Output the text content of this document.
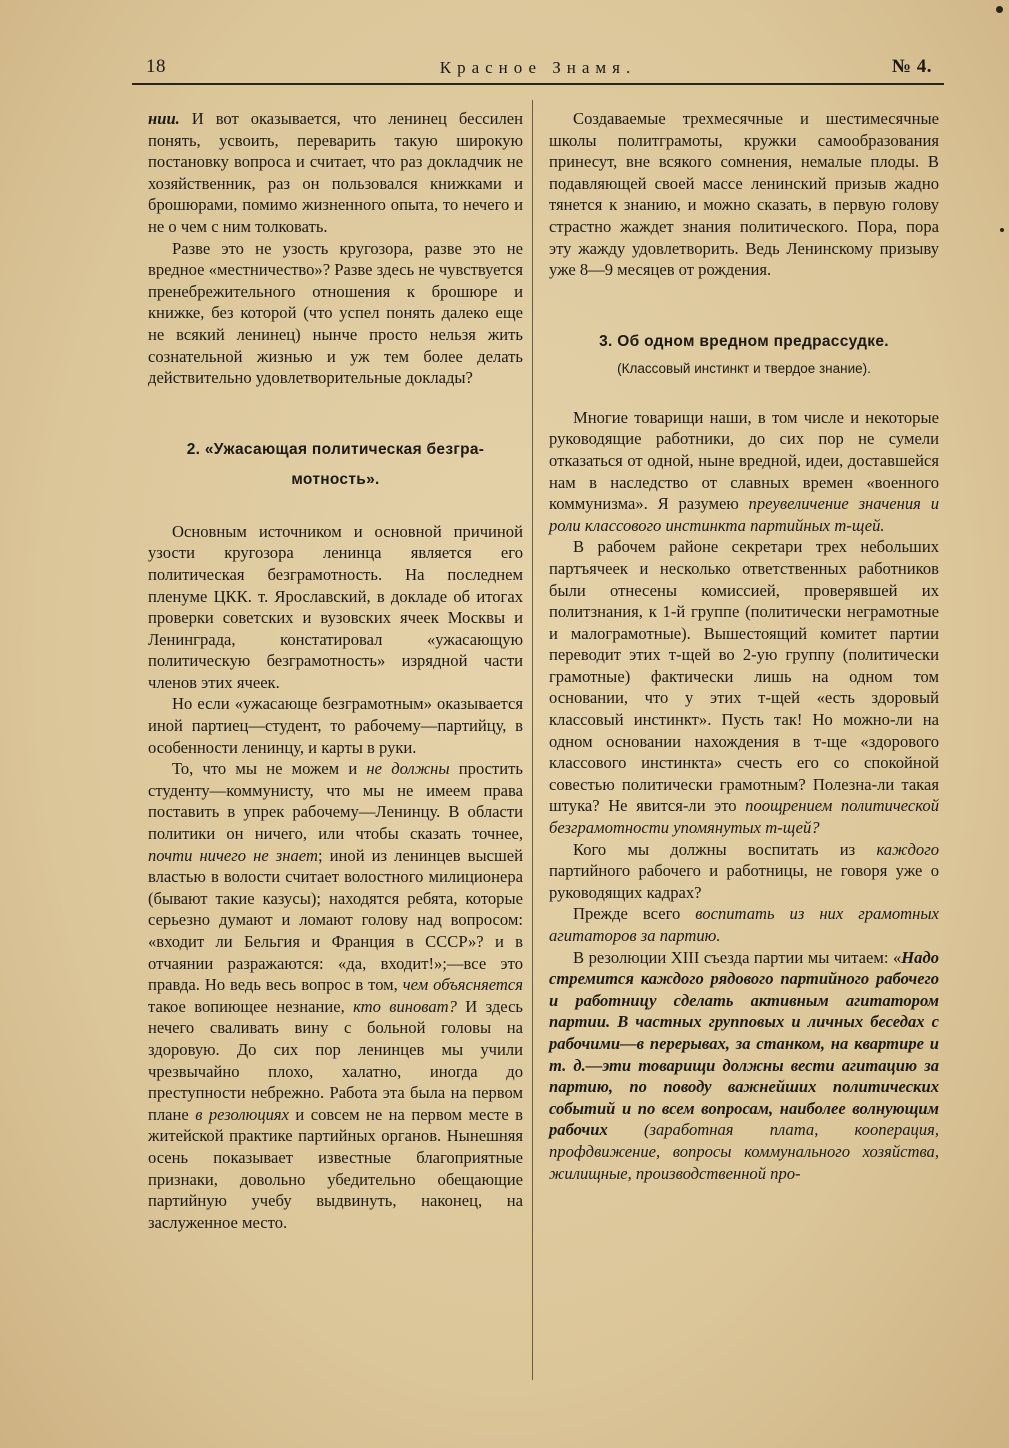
18	Красное Знамя.	№ 4.

нии. И вот оказывается, что ленинец бессилен понять, усвоить, переварить такую широкую постановку вопроса и считает, что раз докладчик не хозяйственник, раз он пользовался книжками и брошюрами, помимо жизненного опыта, то нечего и не о чем с ним толковать.

Разве это не узость кругозора, разве это не вредное «местничество»? Разве здесь не чувствуется пренебрежительного отношения к брошюре и книжке, без которой (что успел понять далеко еще не всякий ленинец) нынче просто нельзя жить сознательной жизнью и уж тем более делать действительно удовлетворительные доклады?

2. «Ужасающая политическая безгра-
мотность».

Основным источником и основной причиной узости кругозора ленинца является его политическая безграмотность. На последнем пленуме ЦКК. т. Ярославский, в докладе об итогах проверки советских и вузовских ячеек Москвы и Ленинграда, констатировал «ужасающую политическую безграмотность» изрядной части членов этих ячеек.

Но если «ужасающе безграмотным» оказывается иной партиец—студент, то рабочему—партийцу, в особенности ленинцу, и карты в руки.

То, что мы не можем и не должны простить студенту—коммунисту, что мы не имеем права поставить в упрек рабочему—Ленинцу. В области политики он ничего, или чтобы сказать точнее, почти ничего не знает; иной из ленинцев высшей властью в волости считает волостного милиционера (бывают такие казусы); находятся ребята, которые серьезно думают и ломают голову над вопросом: «входит ли Бельгия и Франция в СССР»? и в отчаянии разражаются: «да, входит!»;—все это правда. Но ведь весь вопрос в том, чем объясняется такое вопиющее незнание, кто виноват? И здесь нечего сваливать вину с больной головы на здоровую. До сих пор ленинцев мы учили чрезвычайно плохо, халатно, иногда до преступности небрежно. Работа эта была на первом плане в резолюциях и совсем не на первом месте в житейской практике партийных органов. Нынешняя осень показывает известные благоприятные признаки, довольно убедительно обещающие партийную учебу выдвинуть, наконец, на заслуженное место.

Создаваемые трехмесячные и шестимесячные школы политграмоты, кружки самообразования принесут, вне всякого сомнения, немалые плоды. В подавляющей своей массе ленинский призыв жадно тянется к знанию, и можно сказать, в первую голову страстно жаждет знания политического. Пора, пора эту жажду удовлетворить. Ведь Ленинскому призыву уже 8—9 месяцев от рождения.

3. Об одном вредном предрассудке.
(Классовый инстинкт и твердое знание).

Многие товарищи наши, в том числе и некоторые руководящие работники, до сих пор не сумели отказаться от одной, ныне вредной, идеи, доставшейся нам в наследство от славных времен «военного коммунизма». Я разумею преувеличение значения и роли классового инстинкта партийных т-щей.

В рабочем районе секретари трех небольших партъячеек и несколько ответственных работников были отнесены комиссией, проверявшей их политзнания, к 1-й группе (политически неграмотные и малограмотные). Вышестоящий комитет партии переводит этих т-щей во 2-ую группу (политически грамотные) фактически лишь на одном том основании, что у этих т-щей «есть здоровый классовый инстинкт». Пусть так! Но можно-ли на одном основании нахождения в т-ще «здорового классового инстинкта» счесть его со спокойной совестью политически грамотным? Полезна-ли такая штука? Не явится-ли это поощрением политической безграмотности упомянутых т-щей?

Кого мы должны воспитать из каждого партийного рабочего и работницы, не говоря уже о руководящих кадрах?

Прежде всего воспитать из них грамотных агитаторов за партию.

В резолюции XIII съезда партии мы читаем: «Надо стремится каждого рядового партийного рабочего и работницу сделать активным агитатором партии. В частных групповых и личных беседах с рабочими—в перерывах, за станком, на квартире и т. д.—эти товарищи должны вести агитацию за партию, по поводу важнейших политических событий и по всем вопросам, наиболее волнующим рабочих (заработная плата, кооперация, профдвижение, вопросы коммунального хозяйства, жилищные, производственной про-
